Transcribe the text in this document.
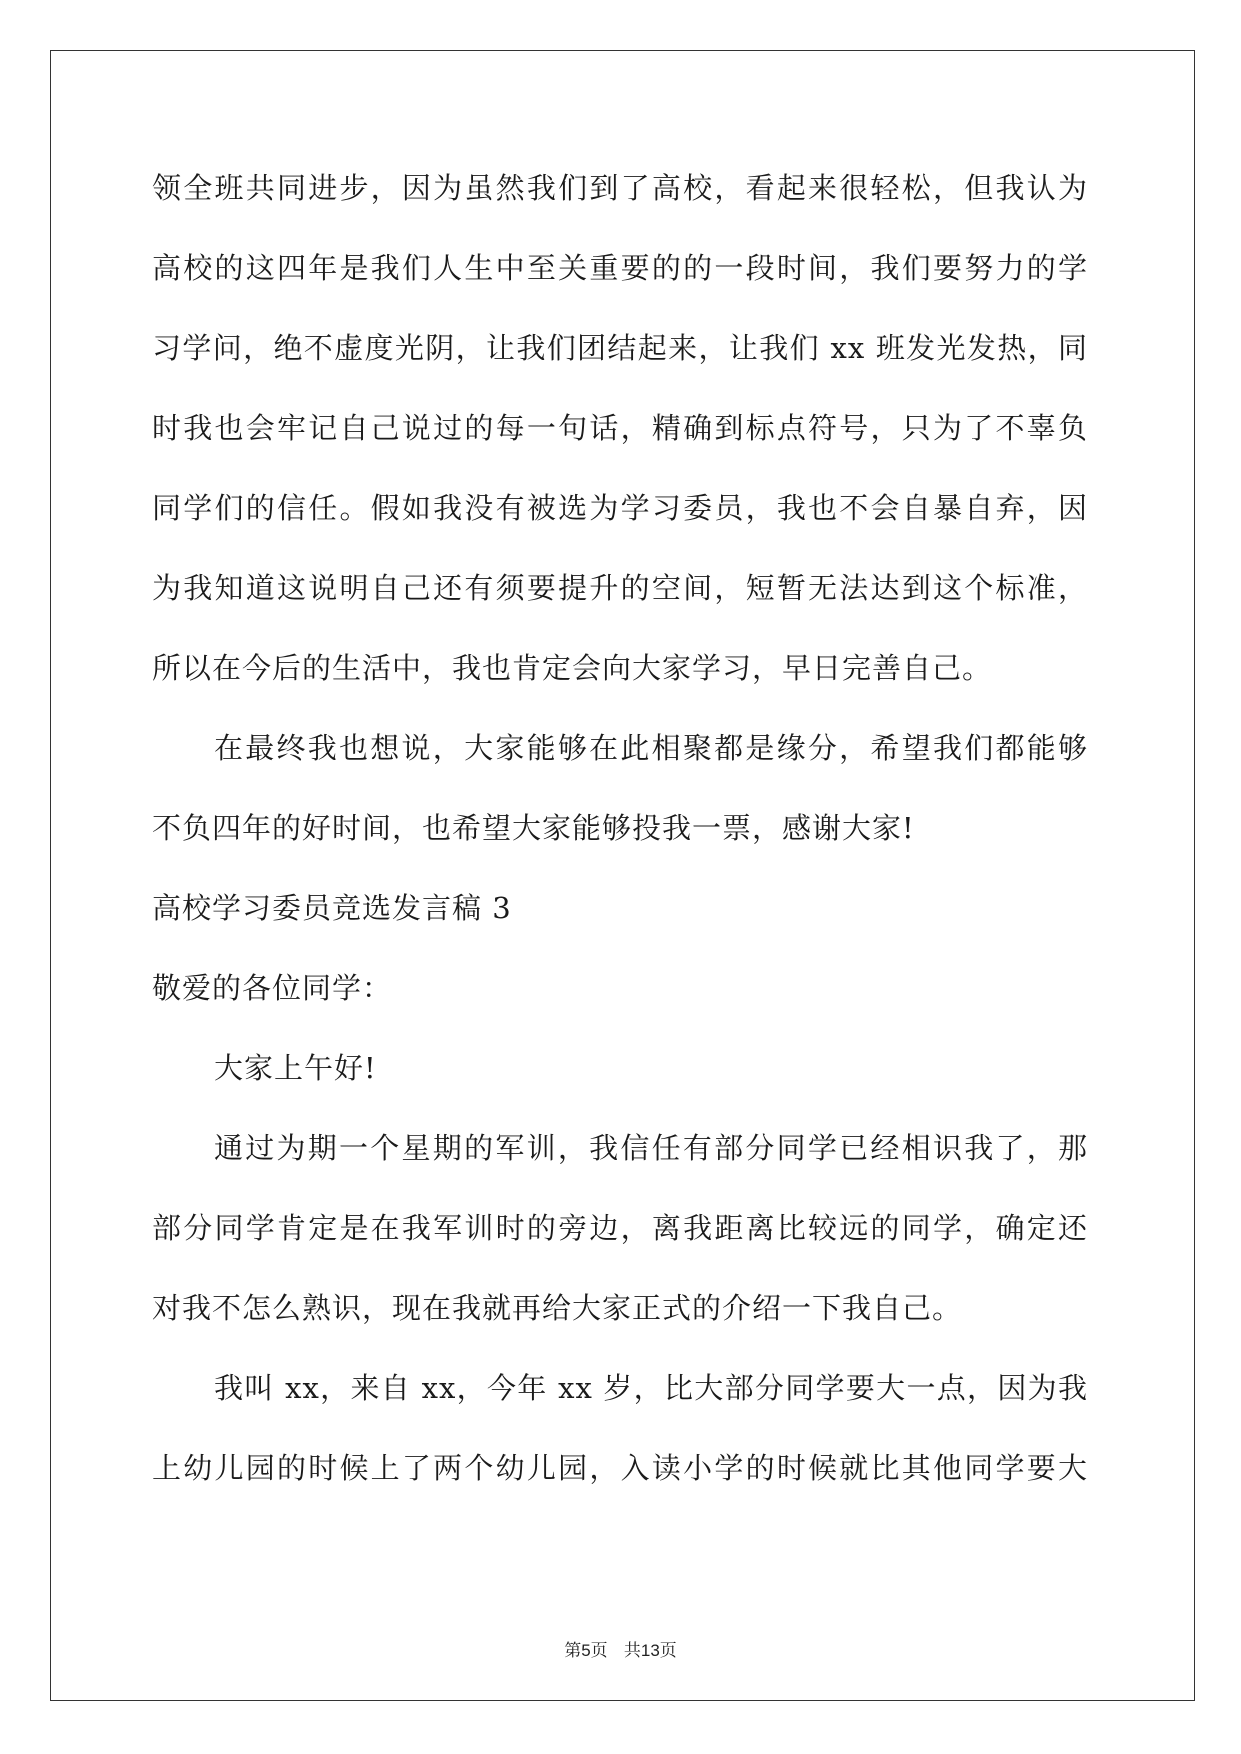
领全班共同进步，因为虽然我们到了高校，看起来很轻松，但我认为
高校的这四年是我们人生中至关重要的的一段时间，我们要努力的学
习学问，绝不虚度光阴，让我们团结起来，让我们 xx 班发光发热，同
时我也会牢记自己说过的每一句话，精确到标点符号，只为了不辜负
同学们的信任。假如我没有被选为学习委员，我也不会自暴自弃，因
为我知道这说明自己还有须要提升的空间，短暂无法达到这个标准，
所以在今后的生活中，我也肯定会向大家学习，早日完善自己。
在最终我也想说，大家能够在此相聚都是缘分，希望我们都能够
不负四年的好时间，也希望大家能够投我一票，感谢大家!
高校学习委员竞选发言稿 3
敬爱的各位同学：
大家上午好!
通过为期一个星期的军训，我信任有部分同学已经相识我了，那
部分同学肯定是在我军训时的旁边，离我距离比较远的同学，确定还
对我不怎么熟识，现在我就再给大家正式的介绍一下我自己。
我叫 xx，来自 xx，今年 xx 岁，比大部分同学要大一点，因为我
上幼儿园的时候上了两个幼儿园，入读小学的时候就比其他同学要大
第5页 共13页
